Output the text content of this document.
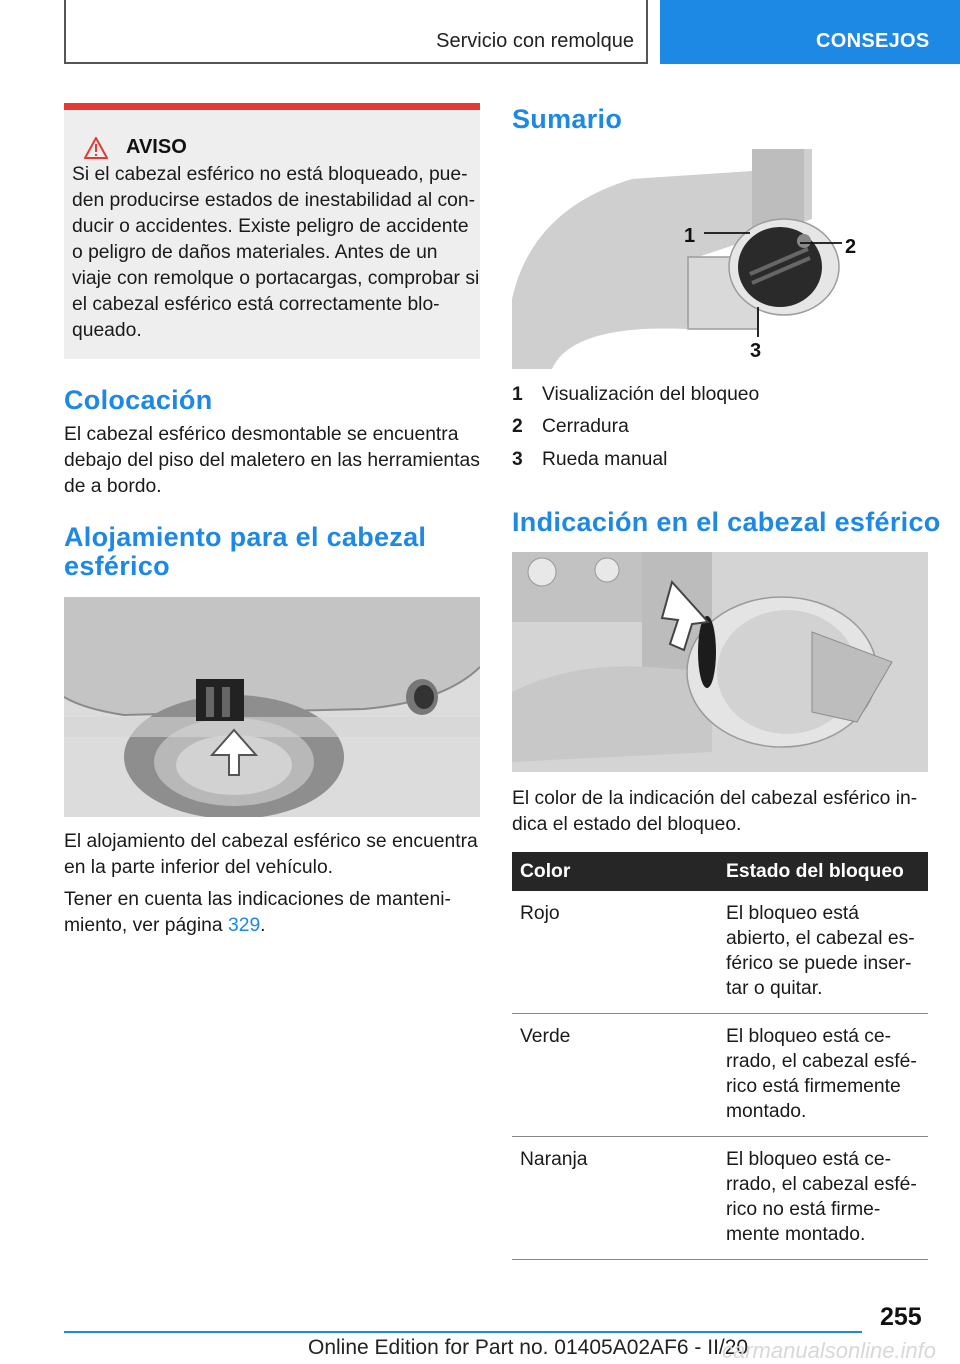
Servicio con remolque	CONSEJOS
AVISO
Si el cabezal esférico no está bloqueado, pue‐
den producirse estados de inestabilidad al con‐
ducir o accidentes. Existe peligro de accidente
o peligro de daños materiales. Antes de un
viaje con remolque o portacargas, comprobar si
el cabezal esférico está correctamente blo‐
queado.
Colocación
El cabezal esférico desmontable se encuentra
debajo del piso del maletero en las herramientas
de a bordo.
Alojamiento para el cabezal
esférico
El alojamiento del cabezal esférico se encuentra
en la parte inferior del vehículo.
Tener en cuenta las indicaciones de manteni‐
miento, ver página 329.
Sumario
1	2
3
1 Visualización del bloqueo
2 Cerradura
3 Rueda manual
Indicación en el cabezal esférico
El color de la indicación del cabezal esférico in‐
dica el estado del bloqueo.
Color	Estado del bloqueo
Rojo	El bloqueo está
abierto, el cabezal es‐
férico se puede inser‐
tar o quitar.

Verde	El bloqueo está ce‐
rrado, el cabezal esfé‐
rico está firmemente
montado.

Naranja	El bloqueo está ce‐
rrado, el cabezal esfé‐
rico no está firme‐
mente montado.
255
Online Edition for Part no. 01405A02AF6 - II/20
carmanualsonline.info
